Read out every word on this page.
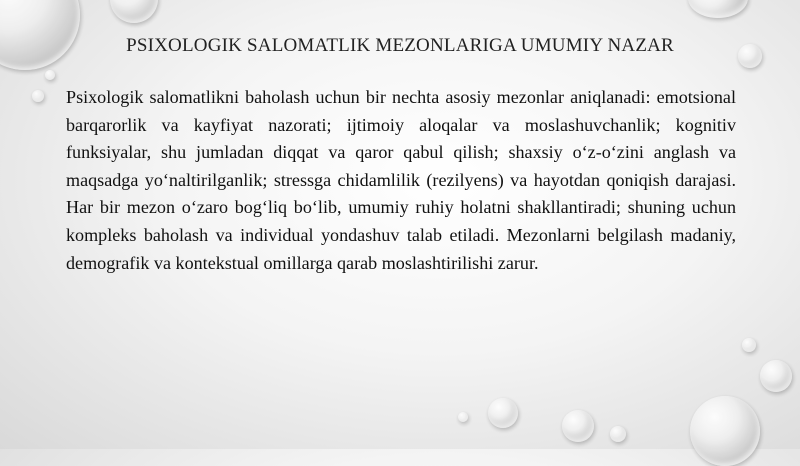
PSIXOLOGIK SALOMATLIK MEZONLARIGA UMUMIY NAZAR
Psixologik salomatlikni baholash uchun bir nechta asosiy mezonlar aniqlanadi: emotsional barqarorlik va kayfiyat nazorati; ijtimoiy aloqalar va moslashuvchanlik; kognitiv funksiyalar, shu jumladan diqqat va qaror qabul qilish; shaxsiy o‘z-o‘zini anglash va maqsadga yo‘naltirilganlik; stressga chidamlilik (rezilyens) va hayotdan qoniqish darajasi. Har bir mezon o‘zaro bog‘liq bo‘lib, umumiy ruhiy holatni shakllantiradi; shuning uchun kompleks baholash va individual yondashuv talab etiladi. Mezonlarni belgilash madaniy, demografik va kontekstual omillarga qarab moslashtirilishi zarur.
